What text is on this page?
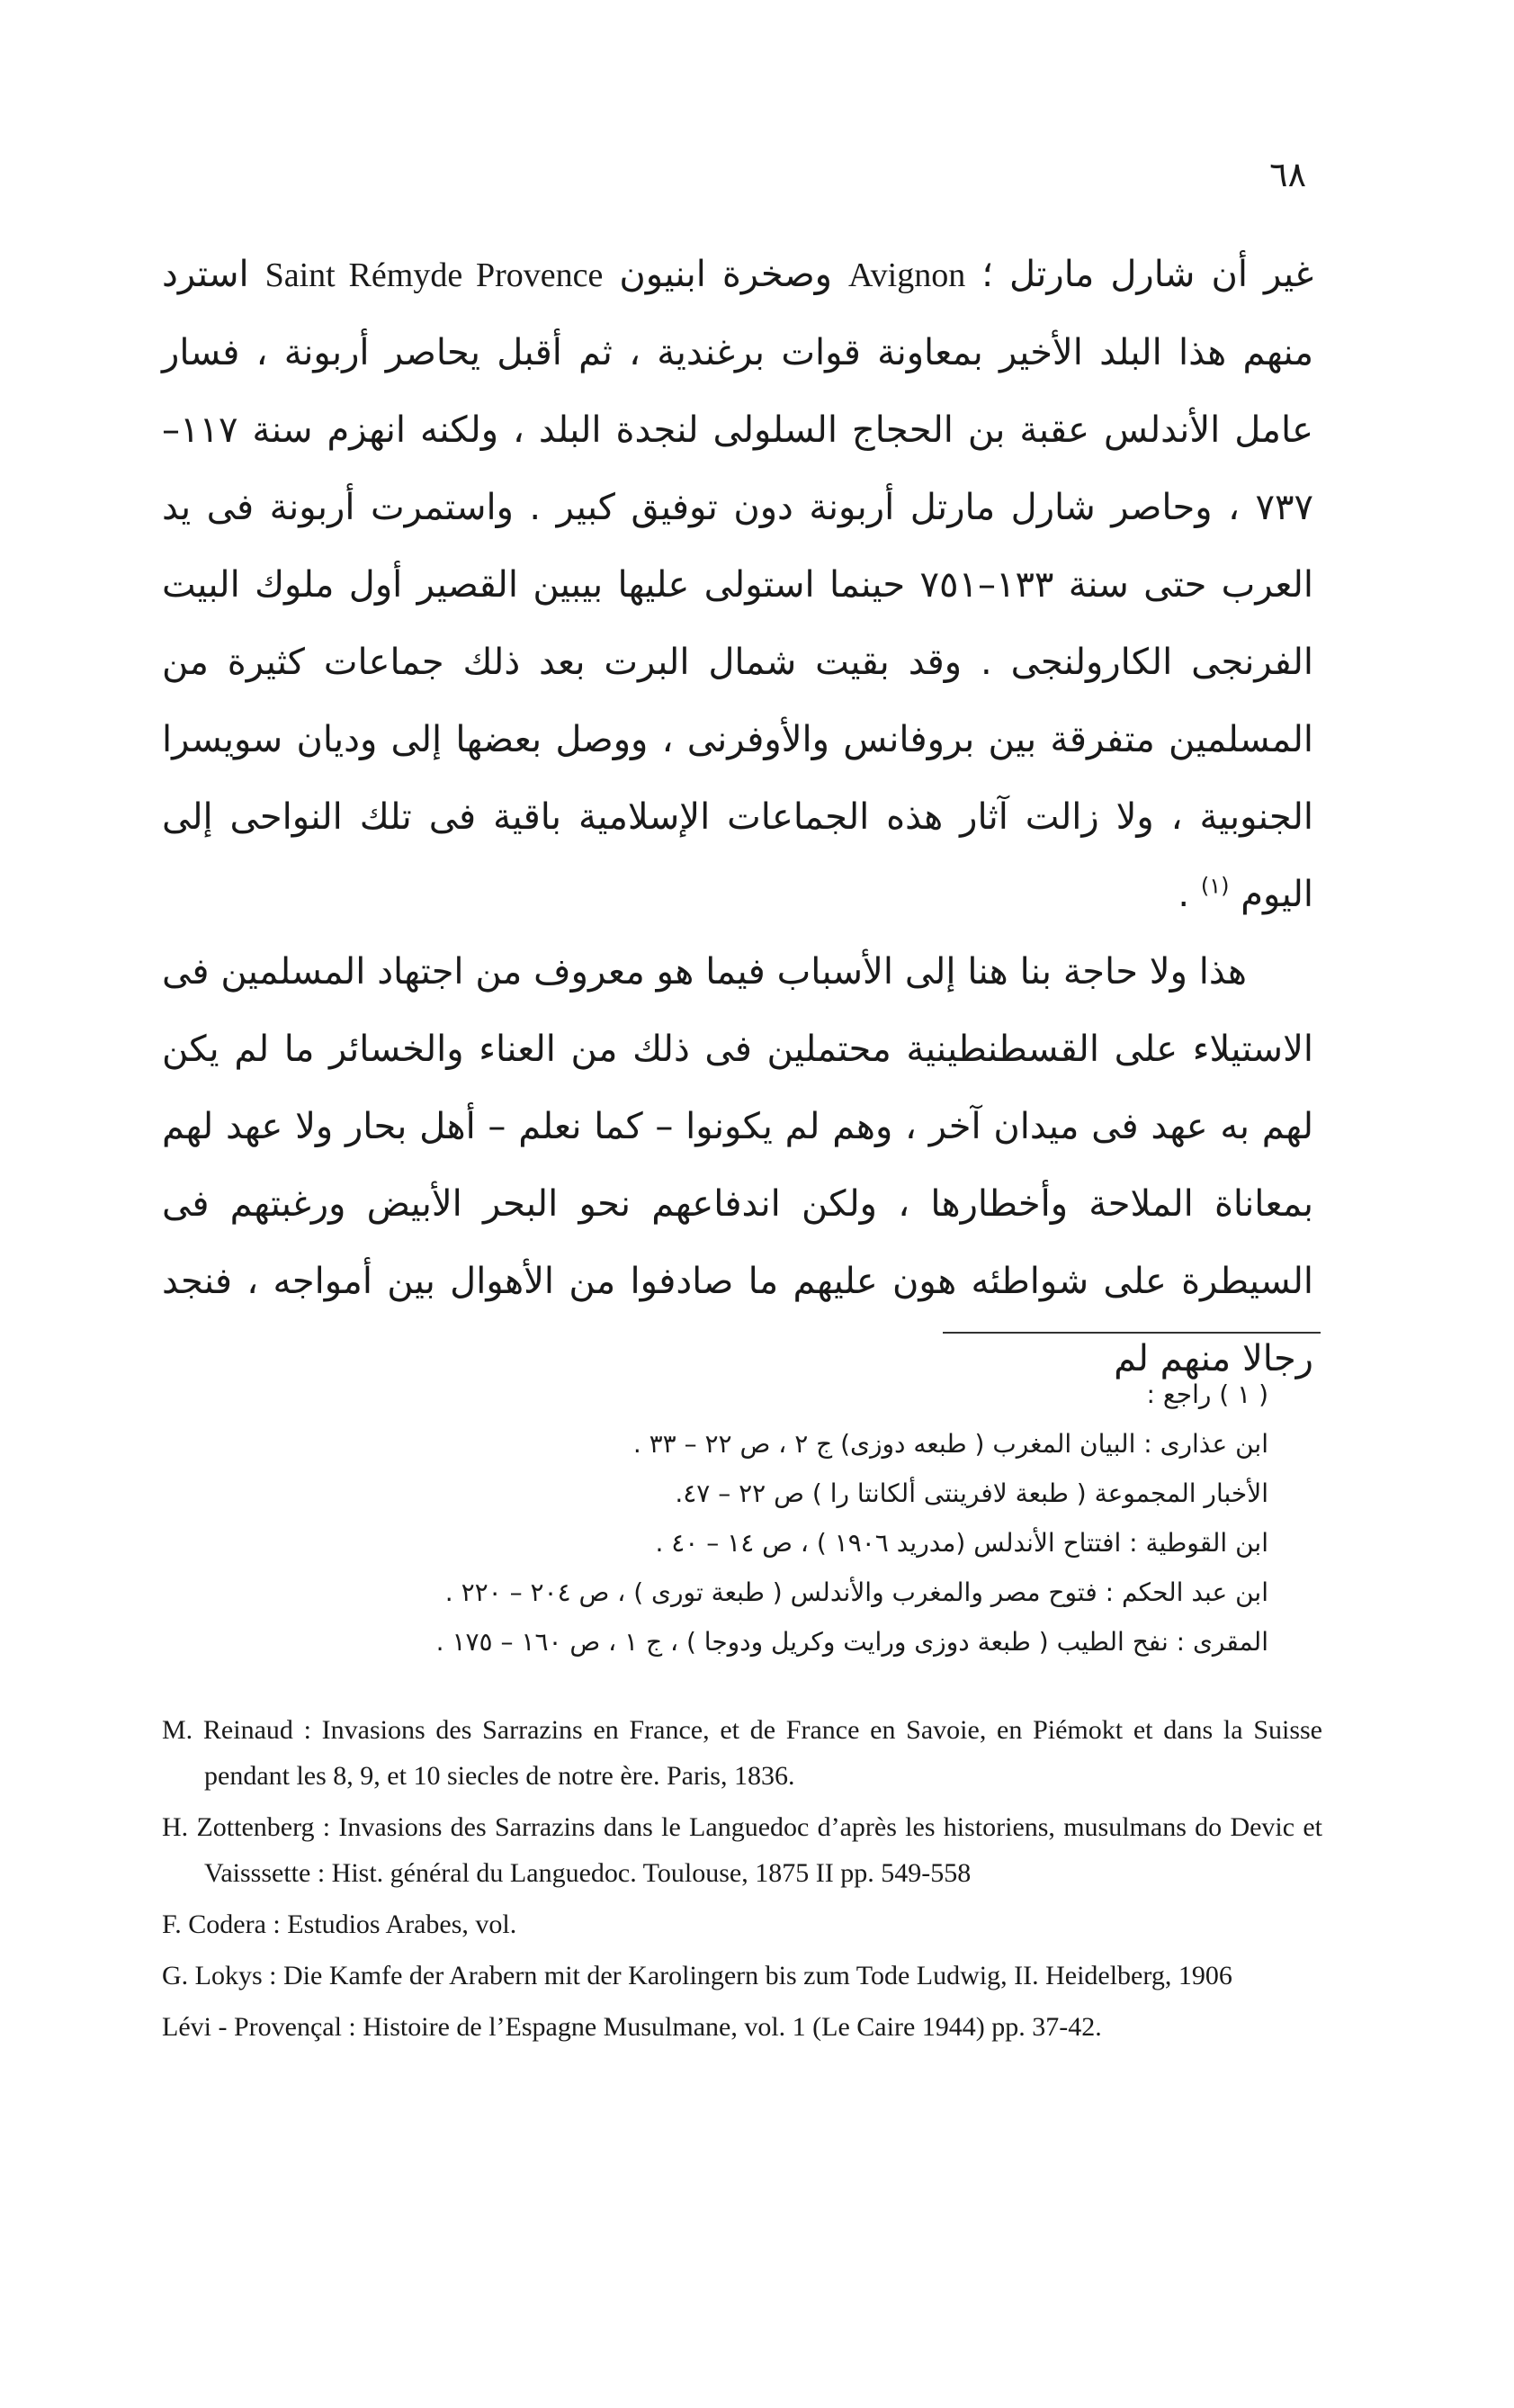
٦٨

غير أن شارل مارتل ؛ Avignon وصخرة ابنيون Saint Rémyde Provence استرد منهم هذا البلد الأخير بمعاونة قوات برغندية ، ثم أقبل يحاصر أربونة ، فسار عامل الأندلس عقبة بن الحجاج السلولى لنجدة البلد ، ولكنه انهزم سنة ١١٧–٧٣٧ ، وحاصر شارل مارتل أربونة دون توفيق كبير . واستمرت أربونة فى يد العرب حتى سنة ١٣٣–٧٥١ حينما استولى عليها بيبين القصير أول ملوك البيت الفرنجى الكارولنجى . وقد بقيت شمال البرت بعد ذلك جماعات كثيرة من المسلمين متفرقة بين بروفانس والأوفرنى ، ووصل بعضها إلى وديان سويسرا الجنوبية ، ولا زالت آثار هذه الجماعات الإسلامية باقية فى تلك النواحى إلى اليوم $^{(١)}$ .

هذا ولا حاجة بنا هنا إلى الأسباب فيما هو معروف من اجتهاد المسلمين فى الاستيلاء على القسطنطينية محتملين فى ذلك من العناء والخسائر ما لم يكن لهم به عهد فى ميدان آخر ، وهم لم يكونوا – كما نعلم – أهل بحار ولا عهد لهم بمعاناة الملاحة وأخطارها ، ولكن اندفاعهم نحو البحر الأبيض ورغبتهم فى السيطرة على شواطئه هون عليهم ما صادفوا من الأهوال بين أمواجه ، فنجد رجالا منهم لم

( ١ ) راجع :
ابن عذارى : البيان المغرب ( طبعه دوزى) ج ٢ ، ص ٢٢ – ٣٣ .
الأخبار المجموعة ( طبعة لافرينتى ألكانتا را ) ص ٢٢ – ٤٧.
ابن القوطية : افتتاح الأندلس (مدريد ١٩٠٦ ) ، ص ١٤ – ٤٠ .
ابن عبد الحكم : فتوح مصر والمغرب والأندلس ( طبعة تورى ) ، ص ٢٠٤ – ٢٢٠ .
المقرى : نفح الطيب ( طبعة دوزى ورايت وكريل ودوجا ) ، ج ١ ، ص ١٦٠ – ١٧٥ .
M. Reinaud : Invasions des Sarrazins en France, et de France en Savoie, en Piémokt et dans la Suisse pendant les 8, 9, et 10 siecles de notre ère. Paris, 1836.
H. Zottenberg : Invasions des Sarrazins dans le Languedoc d’après les historiens, musulmans do Devic et Vaisssette : Hist. général du Languedoc. Toulouse, 1875 II pp. 549-558
F. Codera : Estudios Arabes, vol.
G. Lokys : Die Kamfe der Arabern mit der Karolingern bis zum Tode Ludwig, II. Heidelberg, 1906
Lévi - Provençal : Histoire de l’Espagne Musulmane, vol. 1 (Le Caire 1944) pp. 37-42.
